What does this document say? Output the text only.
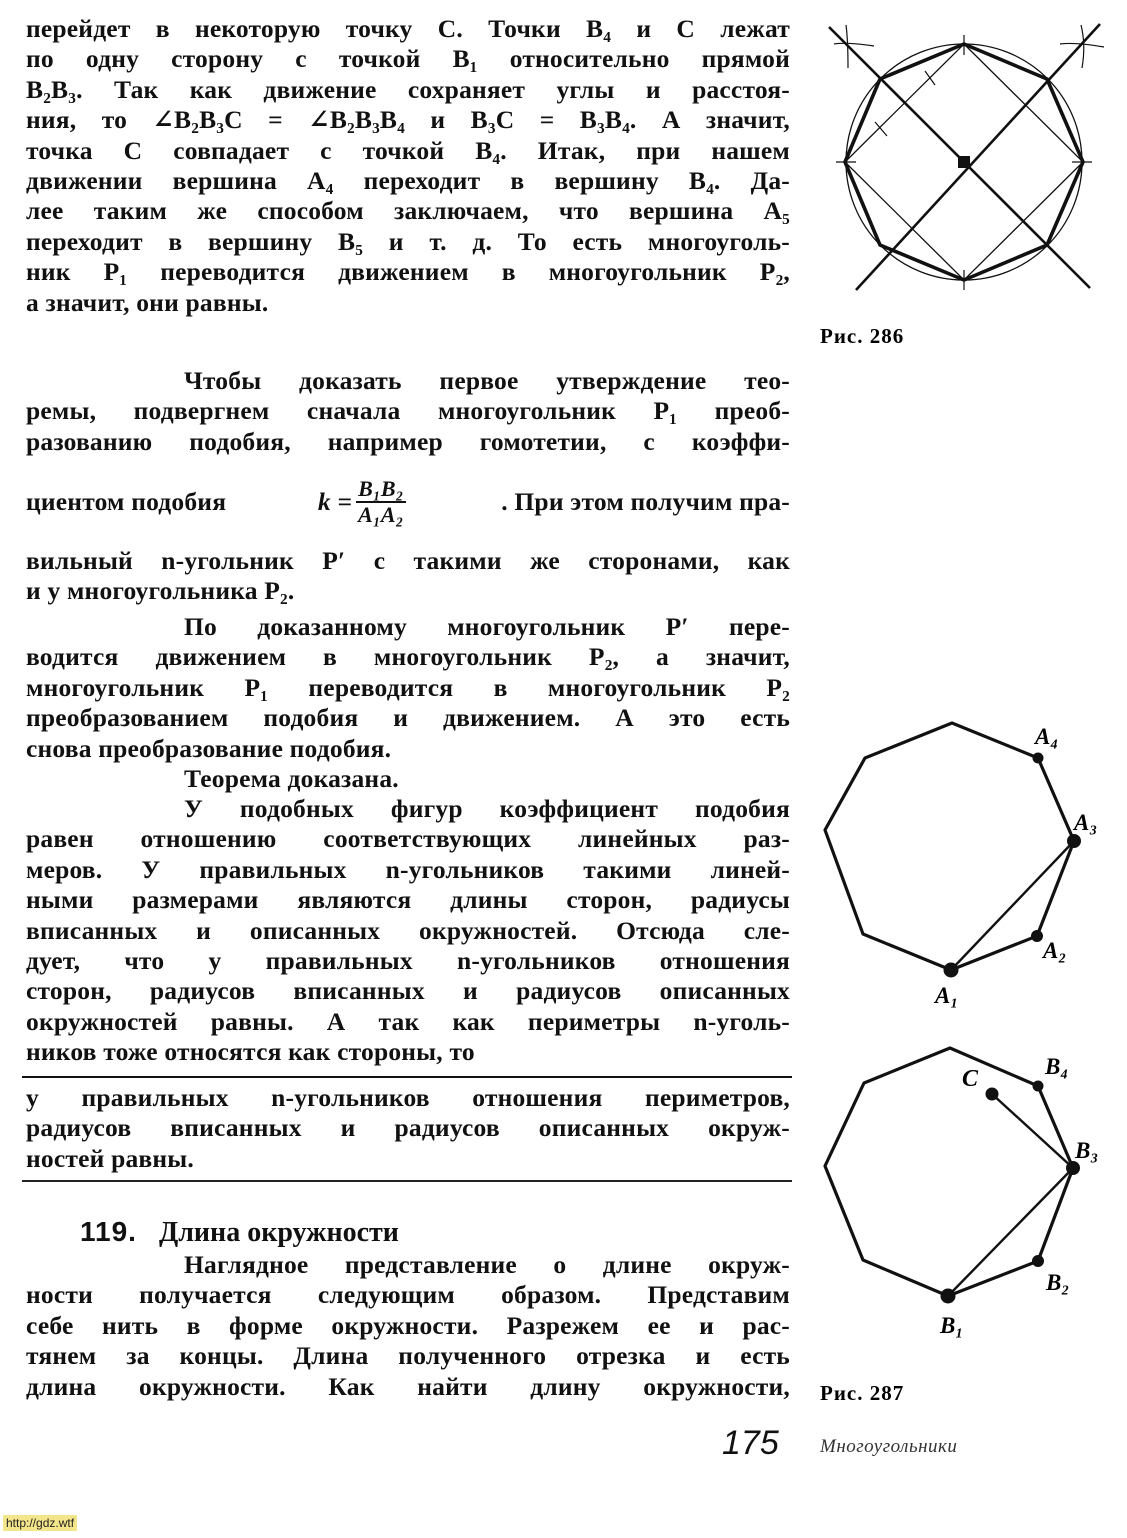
перейдет в некоторую точку C. Точки B₄ и C лежат
по одну сторону с точкой B₁ относительно прямой
B₂B₃. Так как движение сохраняет углы и расстоя-
ния, то ∠B₂B₃C = ∠B₂B₃B₄ и B₃C = B₃B₄. А значит,
точка C совпадает с точкой B₄. Итак, при нашем
движении вершина A₄ переходит в вершину B₄. Да-
лее таким же способом заключаем, что вершина A₅
переходит в вершину B₅ и т. д. То есть многоуголь-
ник P₁ переводится движением в многоугольник P₂,
а значит, они равны.
Чтобы доказать первое утверждение тео-
ремы, подвергнем сначала многоугольник P₁ преоб-
разованию подобия, например гомотетии, с коэффи-
циентом подобия	$k = \frac{\text{B₁B₂}}{\text{A₁A₂}}$	. При этом получим пра-
вильный n-угольник P′ с такими же сторонами, как
и у многоугольника P₂.
По доказанному многоугольник P′ пере-
водится движением в многоугольник P₂, а значит,
многоугольник P₁ переводится в многоугольник P₂
преобразованием подобия и движением. А это есть
снова преобразование подобия.
Теорема доказана.
У подобных фигур коэффициент подобия
равен отношению соответствующих линейных раз-
меров. У правильных n-угольников такими линей-
ными размерами являются длины сторон, радиусы
вписанных и описанных окружностей. Отсюда сле-
дует, что у правильных n-угольников отношения
сторон, радиусов вписанных и радиусов описанных
окружностей равны. А так как периметры n-уголь-
ников тоже относятся как стороны, то
у правильных n-угольников отношения периметров,
радиусов вписанных и радиусов описанных окруж-
ностей равны.
119. Длина окружности
Наглядное представление о длине окруж-
ности получается следующим образом. Представим
себе нить в форме окружности. Разрежем ее и рас-
тянем за концы. Длина полученного отрезка и есть
длина окружности. Как найти длину окружности,
Рис. 286
A₄
A₃
A₂
A₁
C	B₄
B₃
B₂
B₁
Рис. 287
175 Многоугольники
http://gdz.wtf
